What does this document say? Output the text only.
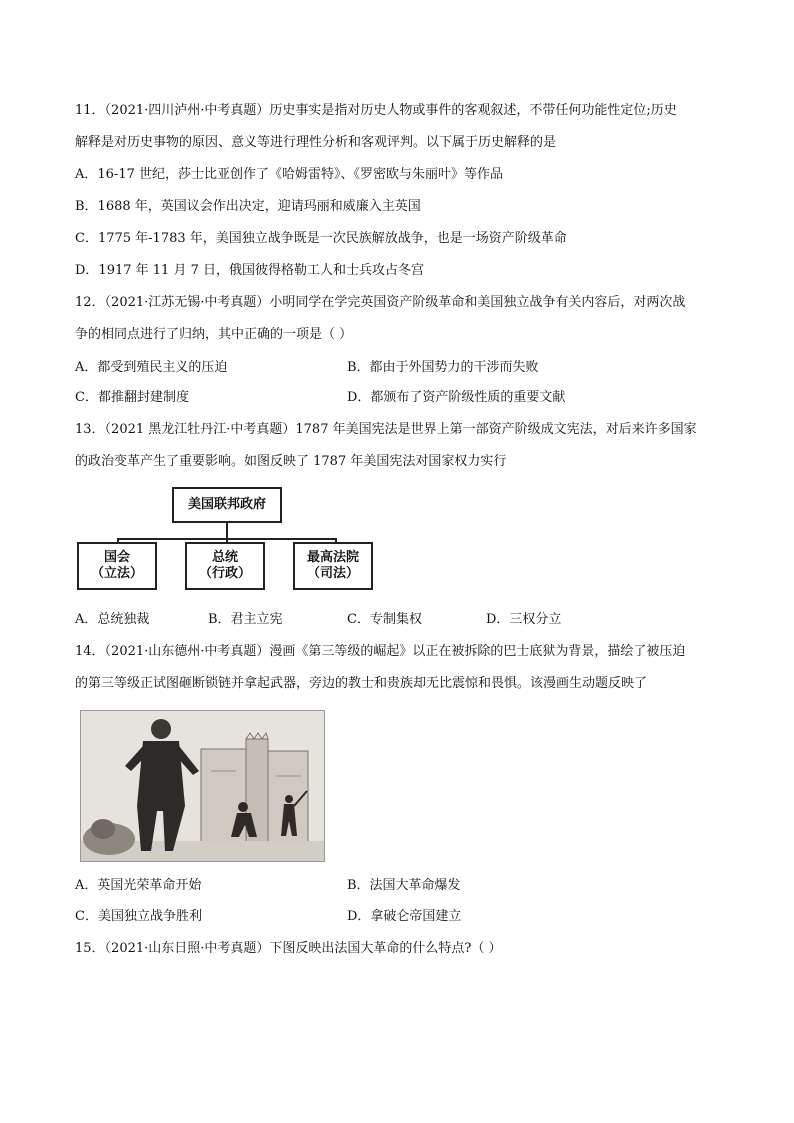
11．（2021·四川泸州·中考真题）历史事实是指对历史人物或事件的客观叙述，不带任何功能性定位;历史
解释是对历史事物的原因、意义等进行理性分析和客观评判。以下属于历史解释的是
A．16-17 世纪，莎士比亚创作了《哈姆雷特》、《罗密欧与朱丽叶》等作品
B．1688 年，英国议会作出决定，迎请玛丽和威廉入主英国
C．1775 年-1783 年，美国独立战争既是一次民族解放战争，也是一场资产阶级革命
D．1917 年 11 月 7 日，俄国彼得格勒工人和士兵攻占冬宫
12．（2021·江苏无锡·中考真题）小明同学在学完英国资产阶级革命和美国独立战争有关内容后，对两次战
争的相同点进行了归纳，其中正确的一项是（ ）
A．都受到殖民主义的压迫	B．都由于外国势力的干涉而失败
C．都推翻封建制度	D．都颁布了资产阶级性质的重要文献
13．（2021 黑龙江牡丹江·中考真题）1787 年美国宪法是世界上第一部资产阶级成文宪法，对后来许多国家
的政治变革产生了重要影响。如图反映了 1787 年美国宪法对国家权力实行
美国联邦政府
国会
（立法）
总统
（行政）
最高法院
（司法）
A．总统独裁	B．君主立宪	C．专制集权	D．三权分立
14．（2021·山东德州·中考真题）漫画《第三等级的崛起》以正在被拆除的巴士底狱为背景，描绘了被压迫
的第三等级正试图砸断锁链并拿起武器，旁边的教士和贵族却无比震惊和畏惧。该漫画生动题反映了
A．英国光荣革命开始	B．法国大革命爆发
C．美国独立战争胜利	D．拿破仑帝国建立
15．（2021·山东日照·中考真题）下图反映出法国大革命的什么特点?（ ）
